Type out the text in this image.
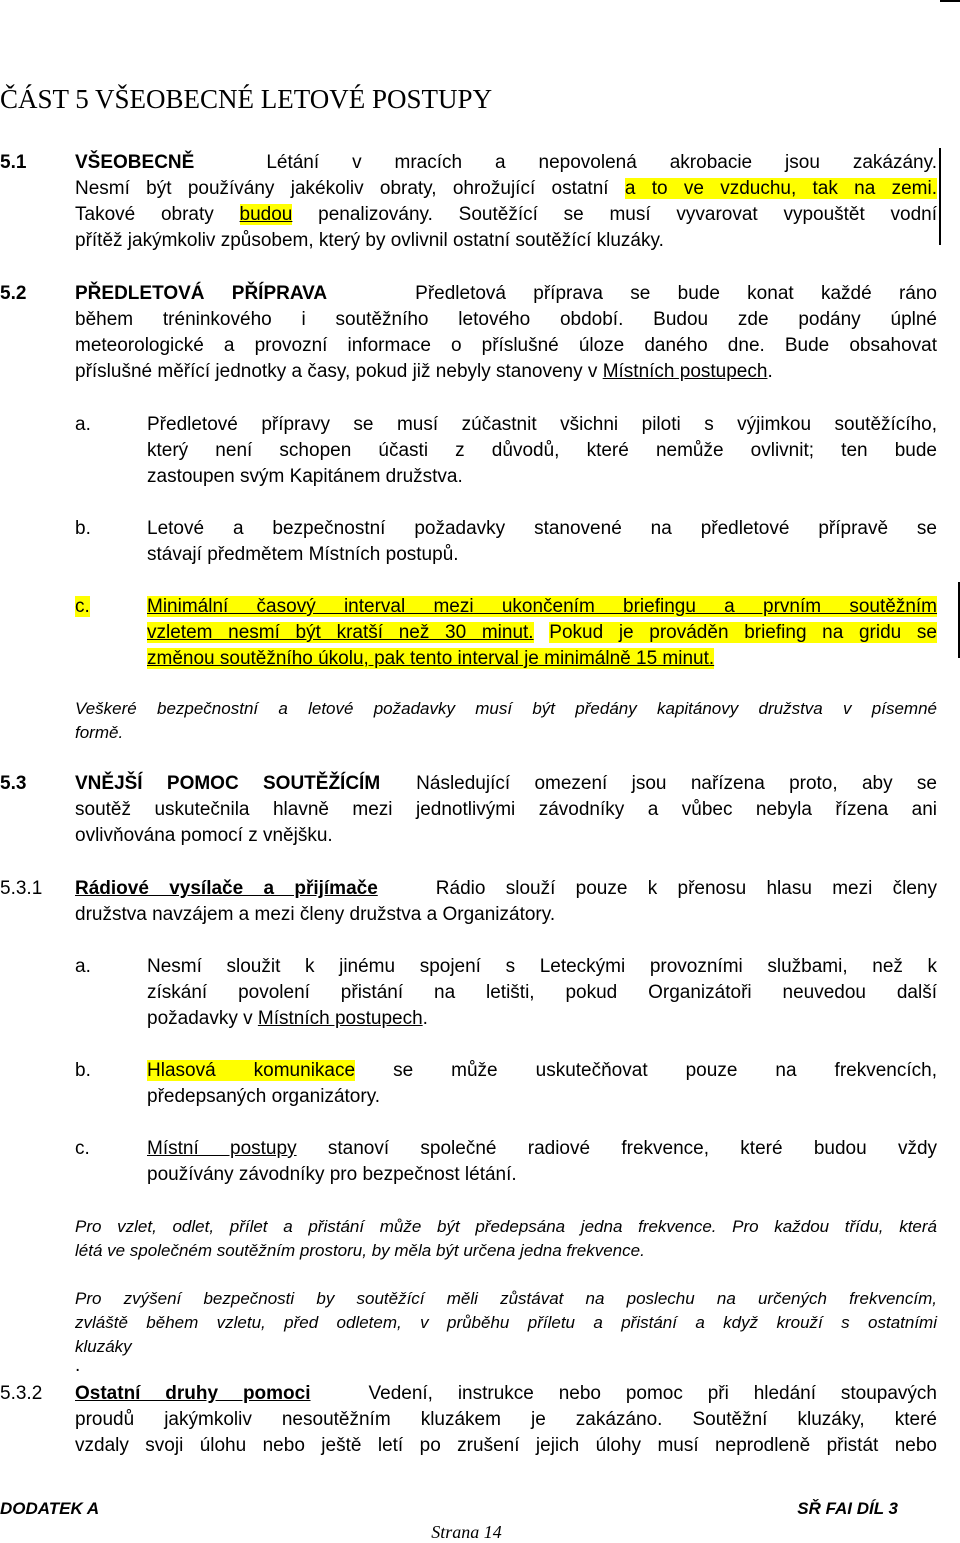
ČÁST 5 VŠEOBECNÉ LETOVÉ POSTUPY
5.1	VŠEOBECNĚ	Létání v mracích a nepovolená akrobacie jsou zakázány.
Nesmí být používány jakékoliv obraty, ohrožující ostatní a to ve vzduchu, tak na zemi.
Takové obraty budou penalizovány. Soutěžící se musí vyvarovat vypouštět vodní
přítěž jakýmkoliv způsobem, který by ovlivnil ostatní soutěžící kluzáky.
5.2	PŘEDLETOVÁ PŘÍPRAVA	Předletová příprava se bude konat každé ráno
během tréninkového i soutěžního letového období. Budou zde podány úplné
meteorologické a provozní informace o příslušné úloze daného dne. Bude obsahovat
příslušné měřící jednotky a časy, pokud již nebyly stanoveny v Místních postupech.
a.	Předletové přípravy se musí zúčastnit všichni piloti s výjimkou soutěžícího,
který není schopen účasti z důvodů, které nemůže ovlivnit; ten bude
zastoupen svým Kapitánem družstva.
b.	Letové a bezpečnostní požadavky stanovené na předletové přípravě se
stávají předmětem Místních postupů.
c.	Minimální časový interval mezi ukončením briefingu a prvním soutěžním
vzletem nesmí být kratší než 30 minut. Pokud je prováděn briefing na gridu se
změnou soutěžního úkolu, pak tento interval je minimálně 15 minut.
Veškeré bezpečnostní a letové požadavky musí být předány kapitánovy družstva v písemné
formě.
5.3	VNĚJŠÍ POMOC SOUTĚŽÍCÍM Následující omezení jsou nařízena proto, aby se
soutěž uskutečnila hlavně mezi jednotlivými závodníky a vůbec nebyla řízena ani
ovlivňována pomocí z vnějšku.
5.3.1 Rádiové vysílače a přijímače	Rádio slouží pouze k přenosu hlasu mezi členy
družstva navzájem a mezi členy družstva a Organizátory.
a.	Nesmí sloužit k jinému spojení s Leteckými provozními službami, než k
získání povolení přistání na letišti, pokud Organizátoři neuvedou další
požadavky v Místních postupech.
b.	Hlasová komunikace se může uskutečňovat pouze na frekvencích,
předepsaných organizátory.
c.	Místní postupy stanoví společné radiové frekvence, které budou vždy
používány závodníky pro bezpečnost létání.
Pro vzlet, odlet, přílet a přistání může být předepsána jedna frekvence. Pro každou třídu, která
létá ve společném soutěžním prostoru, by měla být určena jedna frekvence.
Pro zvýšení bezpečnosti by soutěžící měli zůstávat na poslechu na určených frekvencím,
zvláště během vzletu, před odletem, v průběhu příletu a přistání a když krouží s ostatními
kluzáky
.
5.3.2 Ostatní druhy pomoci	Vedení, instrukce nebo pomoc při hledání stoupavých
proudů jakýmkoliv nesoutěžním kluzákem je zakázáno. Soutěžní kluzáky, které
vzdaly svoji úlohu nebo ještě letí po zrušení jejich úlohy musí neprodleně přistát nebo
DODATEK A	SŘ FAI DÍL 3
Strana 14
